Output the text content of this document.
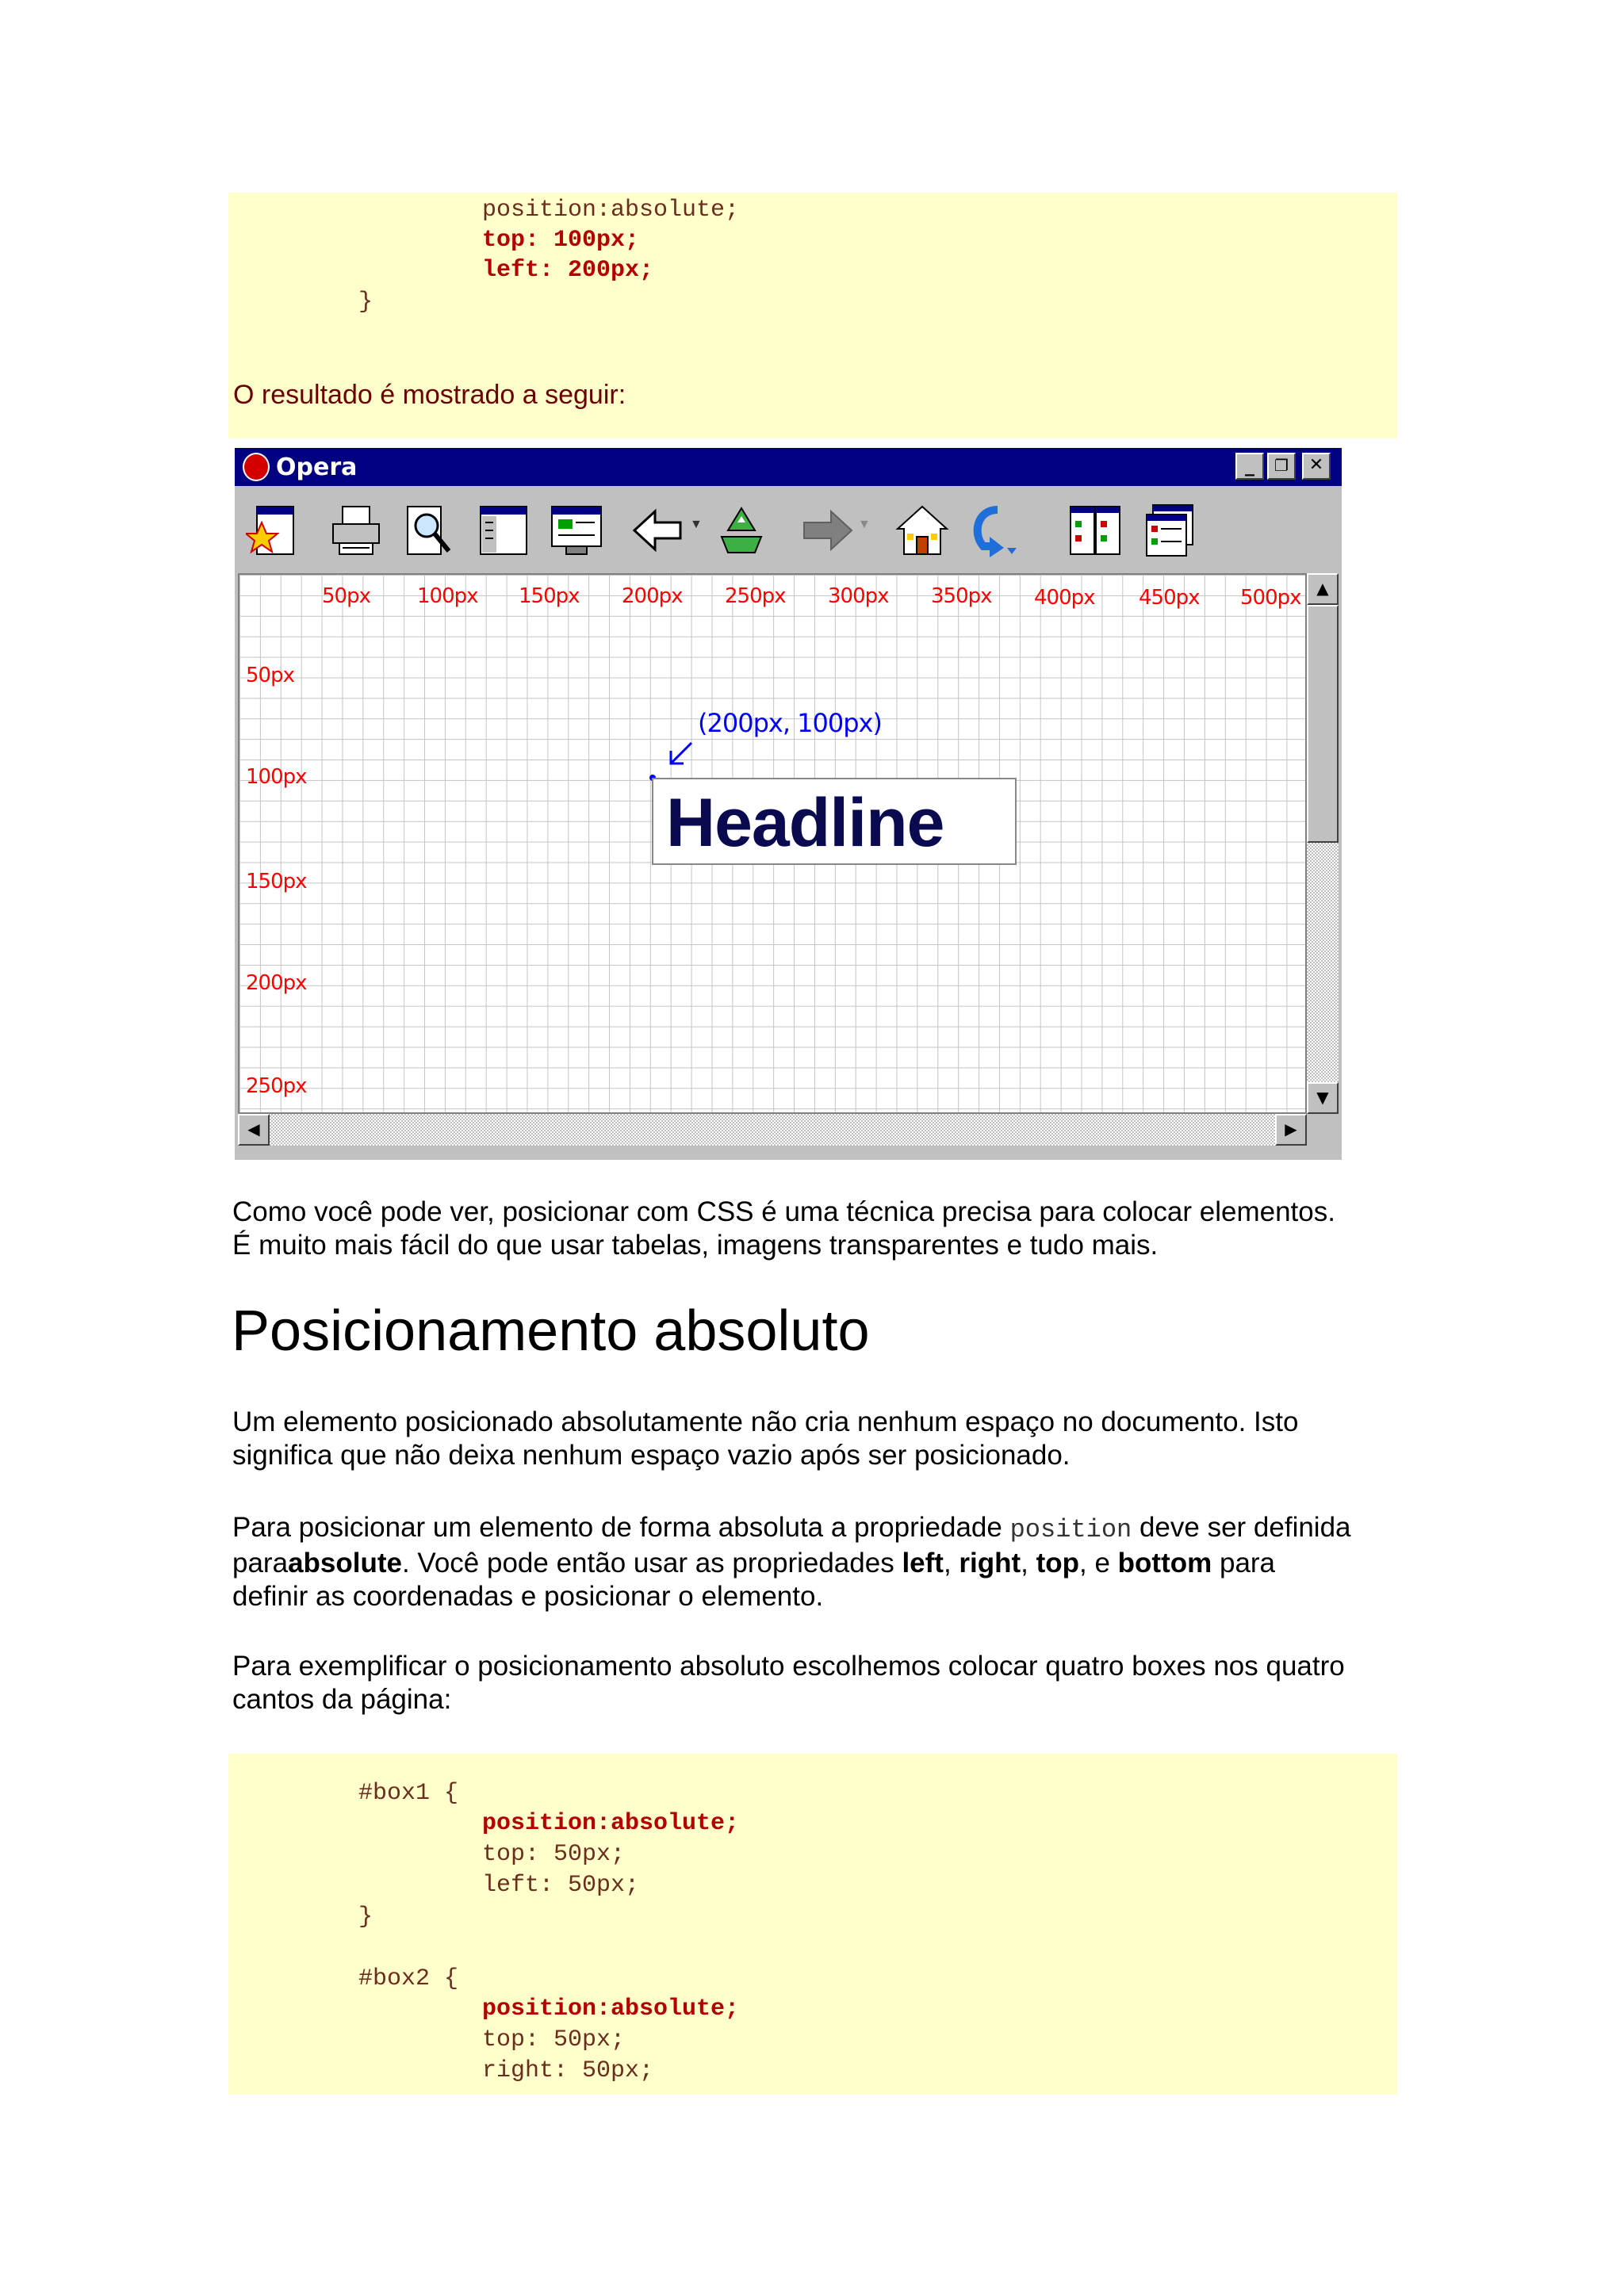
position:absolute;
top: 100px;
left: 200px;
}
O resultado é mostrado a seguir:
Opera	_	❐	✕
▼	▼
50px 100px 150px 200px 250px 300px 350px 400px 450px 500px
50px
100px
150px
200px
250px
(200px, 100px)
Headline
▲
▼
◀	▶
Como você pode ver, posicionar com CSS é uma técnica precisa para colocar elementos.
É muito mais fácil do que usar tabelas, imagens transparentes e tudo mais.
Posicionamento absoluto
Um elemento posicionado absolutamente não cria nenhum espaço no documento. Isto
significa que não deixa nenhum espaço vazio após ser posicionado.
Para posicionar um elemento de forma absoluta a propriedade position deve ser definida
paraabsolute. Você pode então usar as propriedades left, right, top, e bottom para
definir as coordenadas e posicionar o elemento.
Para exemplificar o posicionamento absoluto escolhemos colocar quatro boxes nos quatro
cantos da página:
#box1 {
position:absolute;
top: 50px;
left: 50px;
}
#box2 {
position:absolute;
top: 50px;
right: 50px;
